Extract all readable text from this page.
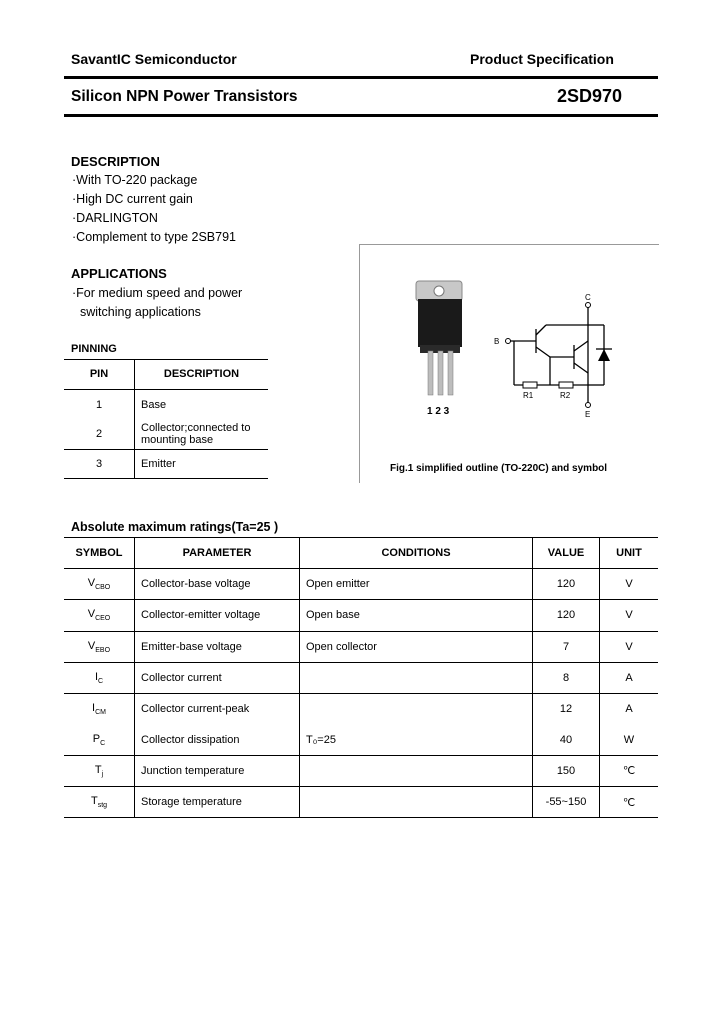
SavantIC Semiconductor	Product Specification
Silicon NPN Power Transistors	2SD970
DESCRIPTION
·With TO-220 package
·High DC current gain
·DARLINGTON
·Complement to type 2SB791
APPLICATIONS
·For medium speed and power
switching applications
PINNING
PIN	DESCRIPTION
1	Base
2	Collector;connected to mounting base
3	Emitter
1 2 3
C
B
E
R1	R2
Fig.1 simplified outline (TO-220C) and symbol
Absolute maximum ratings(Ta=25 )
SYMBOL	PARAMETER	CONDITIONS	VALUE	UNIT
$V_{CBO}$	Collector-base voltage	Open emitter	120	V
$V_{CEO}$	Collector-emitter voltage	Open base	120	V
$V_{EBO}$	Emitter-base voltage	Open collector	7	V
$I_C$	Collector current		8	A
$I_{CM}$	Collector current-peak		12	A
$P_C$	Collector dissipation	T₀=25	40	W
$T_j$	Junction temperature		150	℃
$T_{stg}$	Storage temperature		-55~150	℃
